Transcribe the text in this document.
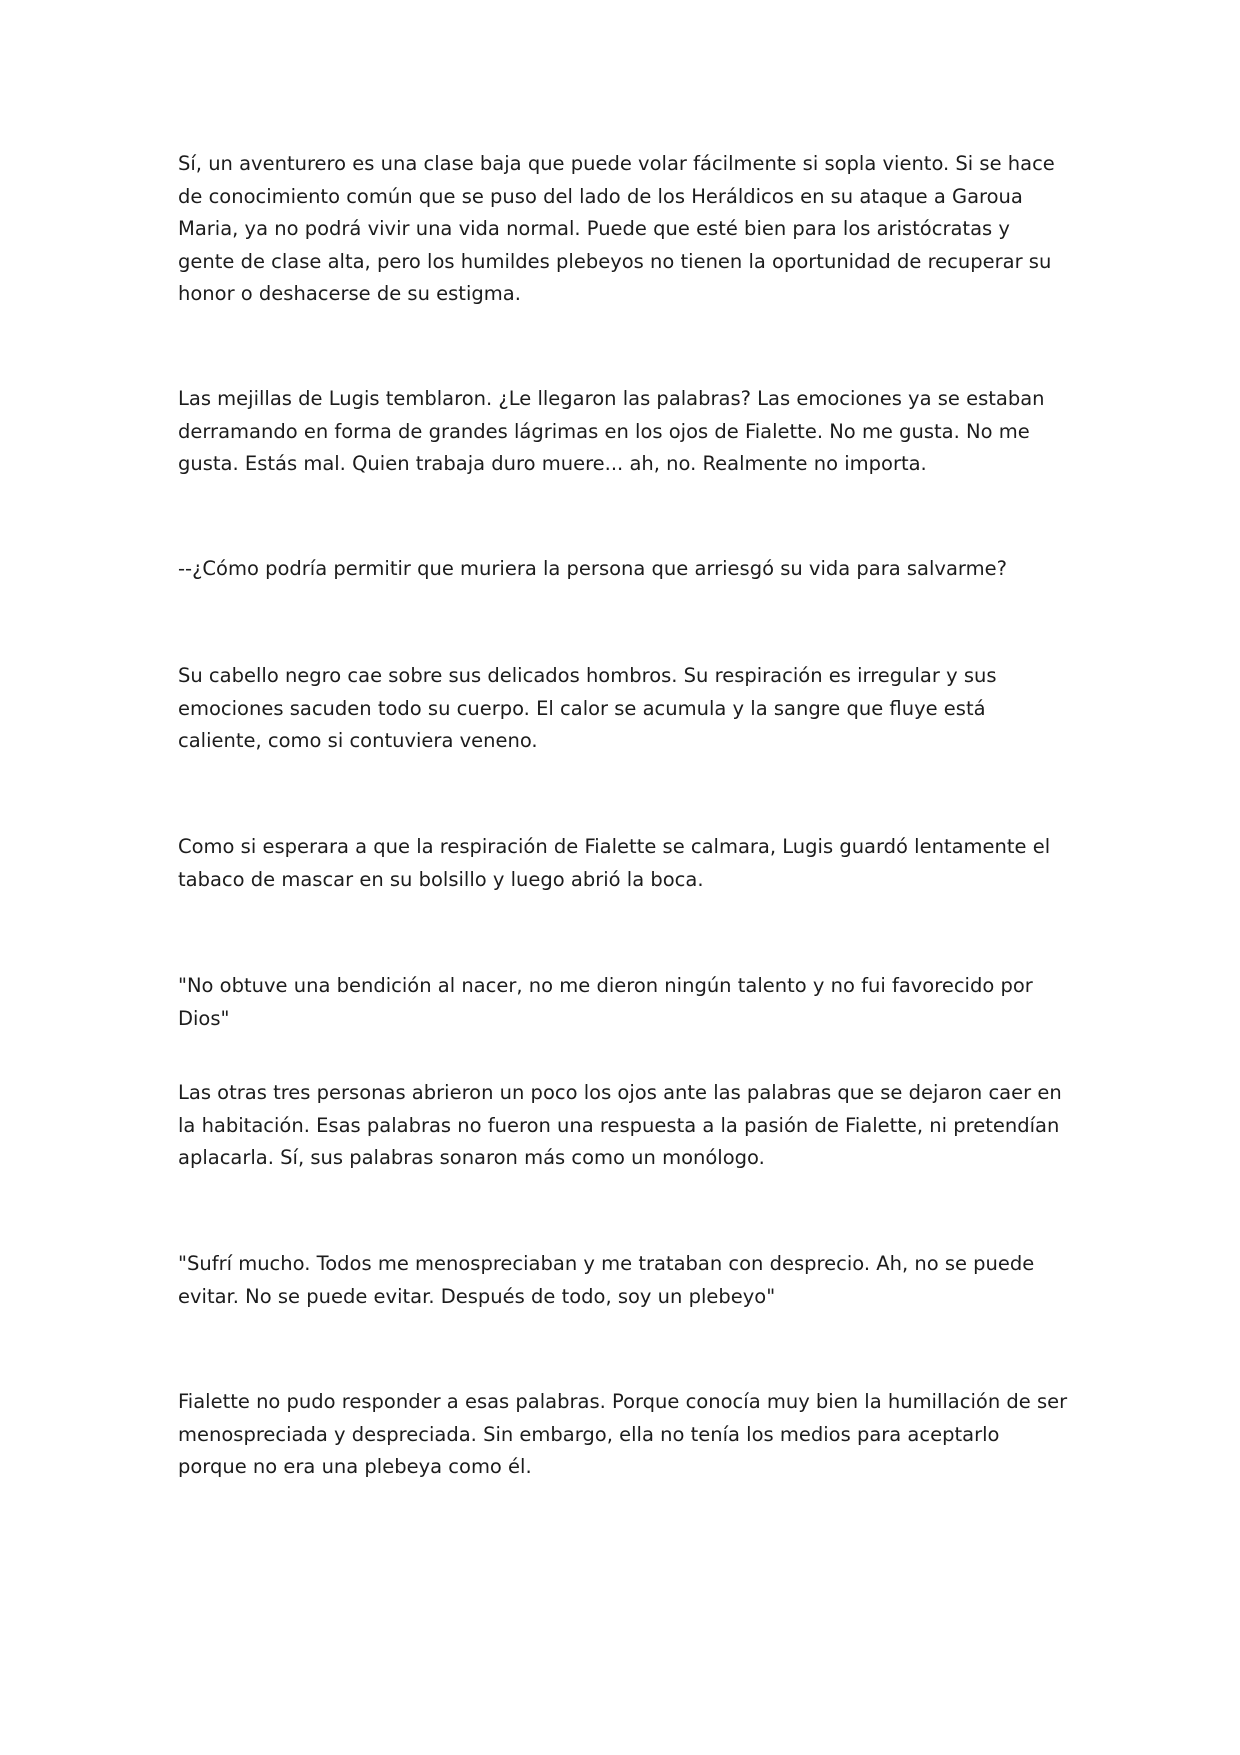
Sí, un aventurero es una clase baja que puede volar fácilmente si sopla viento. Si se hace de conocimiento común que se puso del lado de los Heráldicos en su ataque a Garoua Maria, ya no podrá vivir una vida normal. Puede que esté bien para los aristócratas y gente de clase alta, pero los humildes plebeyos no tienen la oportunidad de recuperar su honor o deshacerse de su estigma.

Las mejillas de Lugis temblaron. ¿Le llegaron las palabras? Las emociones ya se estaban derramando en forma de grandes lágrimas en los ojos de Fialette. No me gusta. No me gusta. Estás mal. Quien trabaja duro muere... ah, no. Realmente no importa.

--¿Cómo podría permitir que muriera la persona que arriesgó su vida para salvarme?

Su cabello negro cae sobre sus delicados hombros. Su respiración es irregular y sus emociones sacuden todo su cuerpo. El calor se acumula y la sangre que fluye está caliente, como si contuviera veneno.

Como si esperara a que la respiración de Fialette se calmara, Lugis guardó lentamente el tabaco de mascar en su bolsillo y luego abrió la boca.

"No obtuve una bendición al nacer, no me dieron ningún talento y no fui favorecido por Dios"

Las otras tres personas abrieron un poco los ojos ante las palabras que se dejaron caer en la habitación. Esas palabras no fueron una respuesta a la pasión de Fialette, ni pretendían aplacarla. Sí, sus palabras sonaron más como un monólogo.

"Sufrí mucho. Todos me menospreciaban y me trataban con desprecio. Ah, no se puede evitar. No se puede evitar. Después de todo, soy un plebeyo"

Fialette no pudo responder a esas palabras. Porque conocía muy bien la humillación de ser menospreciada y despreciada. Sin embargo, ella no tenía los medios para aceptarlo porque no era una plebeya como él.
